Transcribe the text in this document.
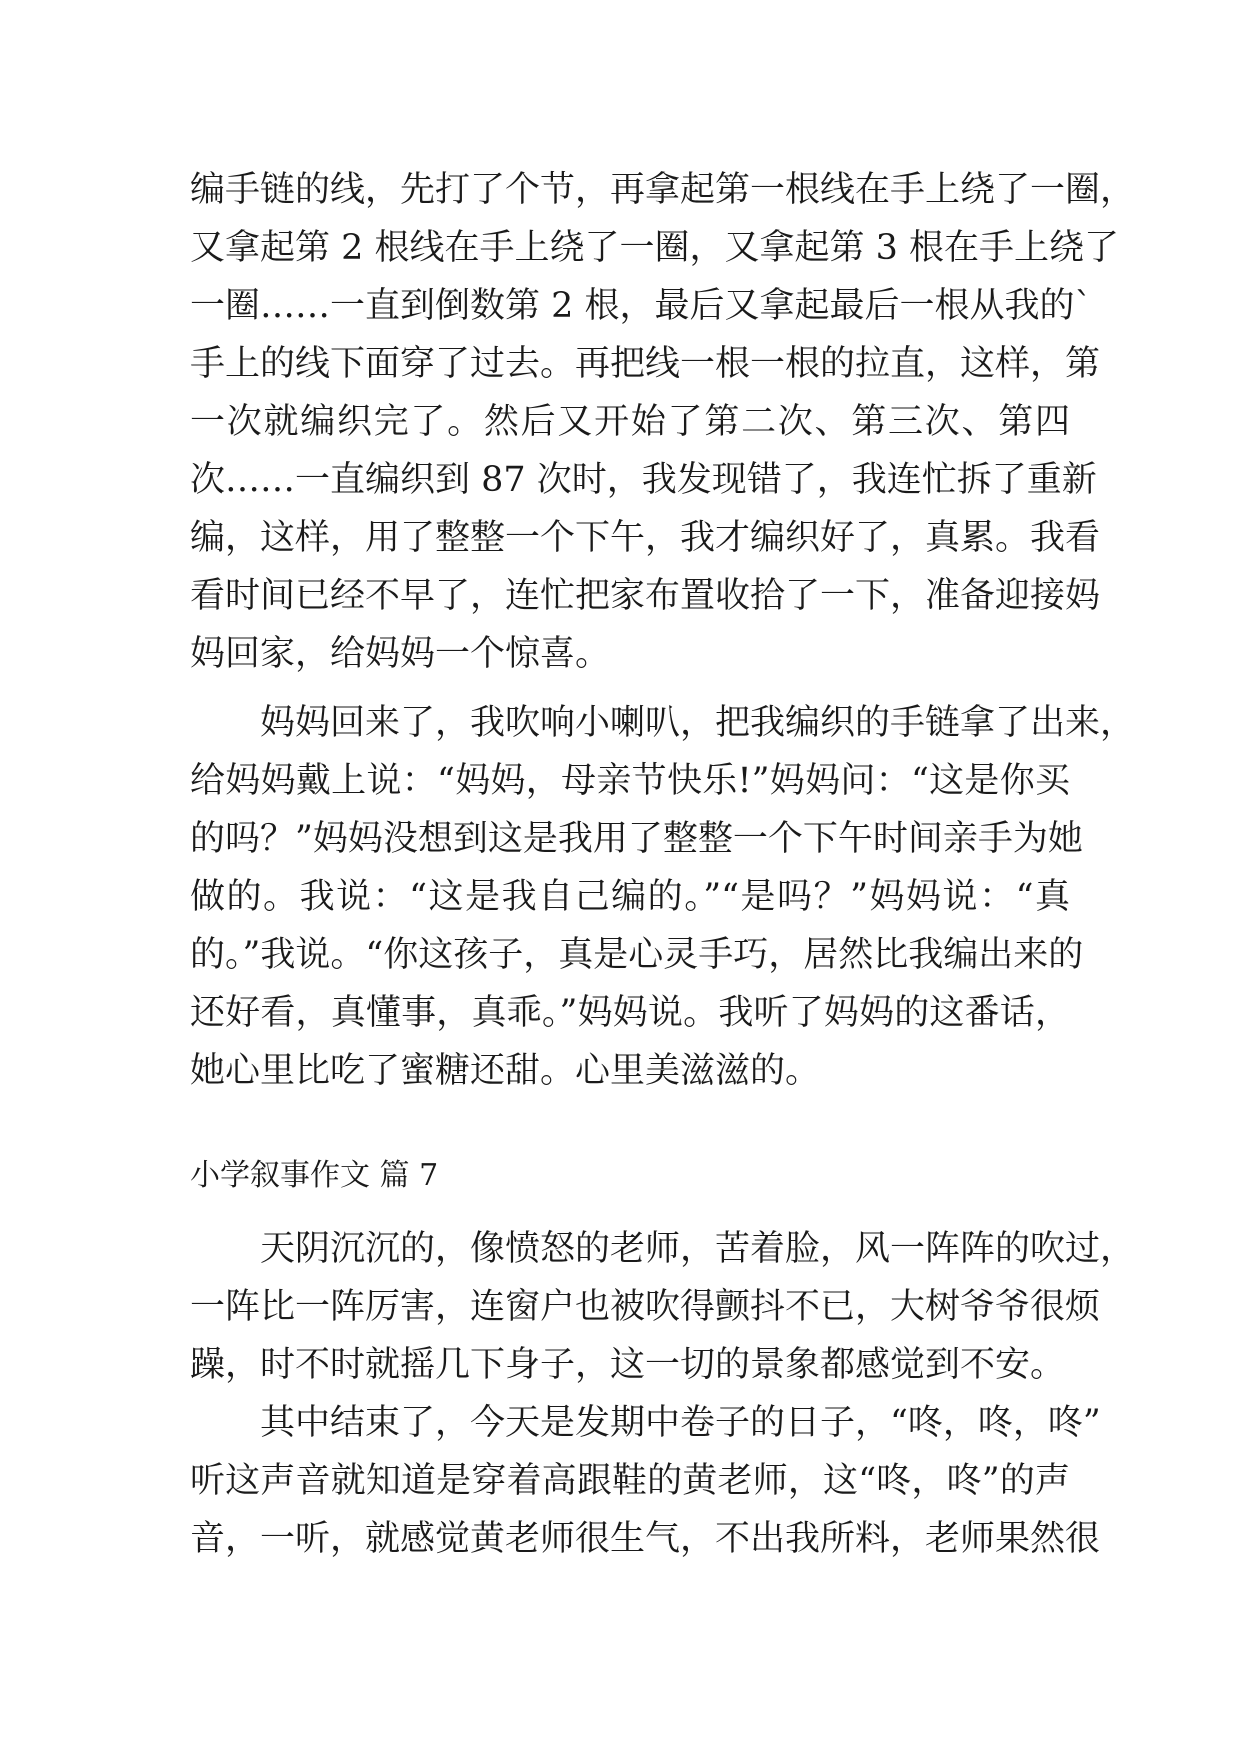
编手链的线，先打了个节，再拿起第一根线在手上绕了一圈，
又拿起第 2 根线在手上绕了一圈，又拿起第 3 根在手上绕了
一圈……一直到倒数第 2 根，最后又拿起最后一根从我的`
手上的线下面穿了过去。再把线一根一根的拉直，这样，第
一次就编织完了。然后又开始了第二次、第三次、第四
次……一直编织到 87 次时，我发现错了，我连忙拆了重新
编，这样，用了整整一个下午，我才编织好了，真累。我看
看时间已经不早了，连忙把家布置收拾了一下，准备迎接妈
妈回家，给妈妈一个惊喜。
　　妈妈回来了，我吹响小喇叭，把我编织的手链拿了出来，
给妈妈戴上说：“妈妈，母亲节快乐!”妈妈问：“这是你买
的吗？”妈妈没想到这是我用了整整一个下午时间亲手为她
做的。我说：“这是我自己编的。”“是吗？”妈妈说：“真
的。”我说。“你这孩子，真是心灵手巧，居然比我编出来的
还好看，真懂事，真乖。”妈妈说。我听了妈妈的这番话，
她心里比吃了蜜糖还甜。心里美滋滋的。
小学叙事作文 篇 7
　　天阴沉沉的，像愤怒的老师，苦着脸，风一阵阵的吹过，
一阵比一阵厉害，连窗户也被吹得颤抖不已，大树爷爷很烦
躁，时不时就摇几下身子，这一切的景象都感觉到不安。
　　其中结束了，今天是发期中卷子的日子，“咚，咚，咚”
听这声音就知道是穿着高跟鞋的黄老师，这“咚，咚”的声
音，一听，就感觉黄老师很生气，不出我所料，老师果然很
